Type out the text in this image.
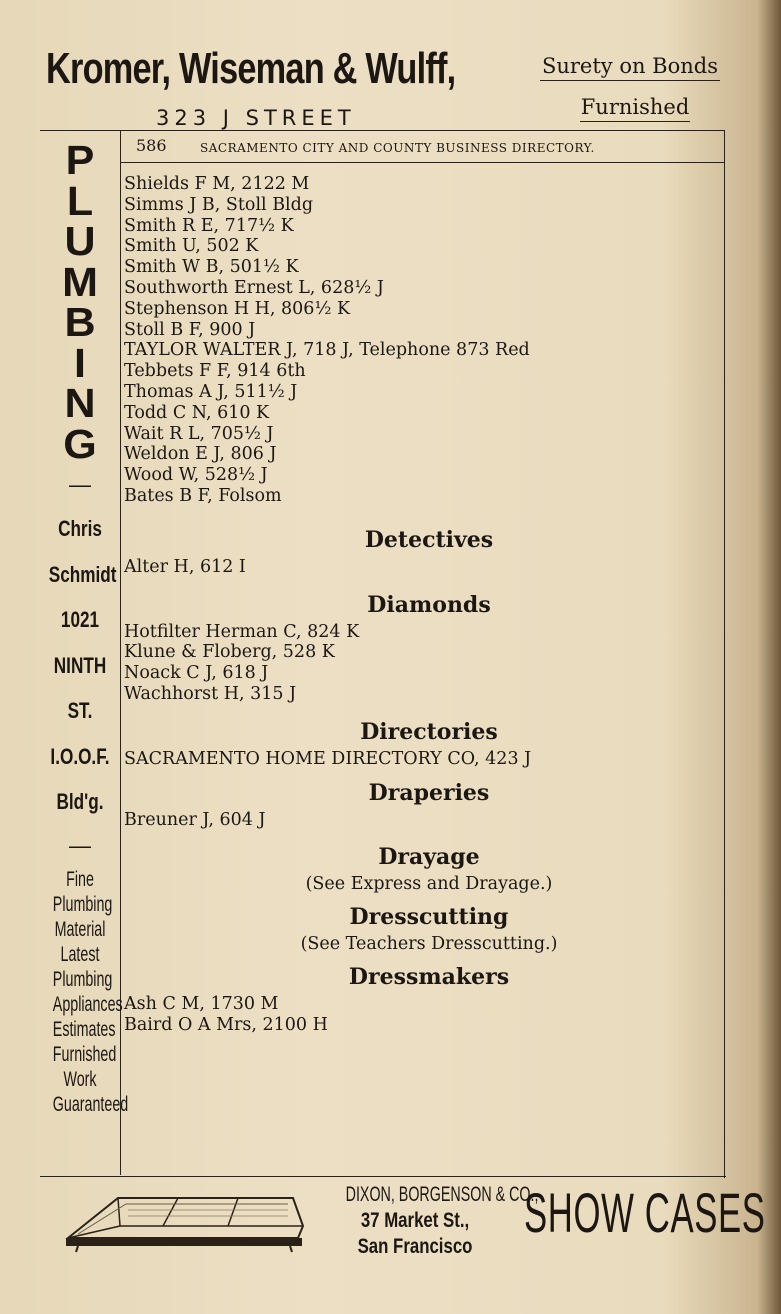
Kromer, Wiseman & Wulff,
323 J STREET
Surety on Bonds
Furnished
586	SACRAMENTO CITY AND COUNTY BUSINESS DIRECTORY.
P
L
U
M
B
I
N
G
—
Chris
Schmidt
1021
NINTH
ST.
I.O.O.F.
Bld'g.
—
Fine
Plumbing
Material
Latest
Plumbing
Appliances
Estimates
Furnished
Work
Guaranteed
Shields F M, 2122 M
Simms J B, Stoll Bldg
Smith R E, 717½ K
Smith U, 502 K
Smith W B, 501½ K
Southworth Ernest L, 628½ J
Stephenson H H, 806½ K
Stoll B F, 900 J
TAYLOR WALTER J, 718 J, Telephone 873 Red
Tebbets F F, 914 6th
Thomas A J, 511½ J
Todd C N, 610 K
Wait R L, 705½ J
Weldon E J, 806 J
Wood W, 528½ J
Bates B F, Folsom
Detectives
Alter H, 612 I
Diamonds
Hotfilter Herman C, 824 K
Klune & Floberg, 528 K
Noack C J, 618 J
Wachhorst H, 315 J
Directories
SACRAMENTO HOME DIRECTORY CO, 423 J
Draperies
Breuner J, 604 J
Drayage
(See Express and Drayage.)
Dresscutting
(See Teachers Dresscutting.)
Dressmakers
Ash C M, 1730 M
Baird O A Mrs, 2100 H
DIXON, BORGENSON & CO.,
37 Market St.,
San Francisco
SHOW CASES
